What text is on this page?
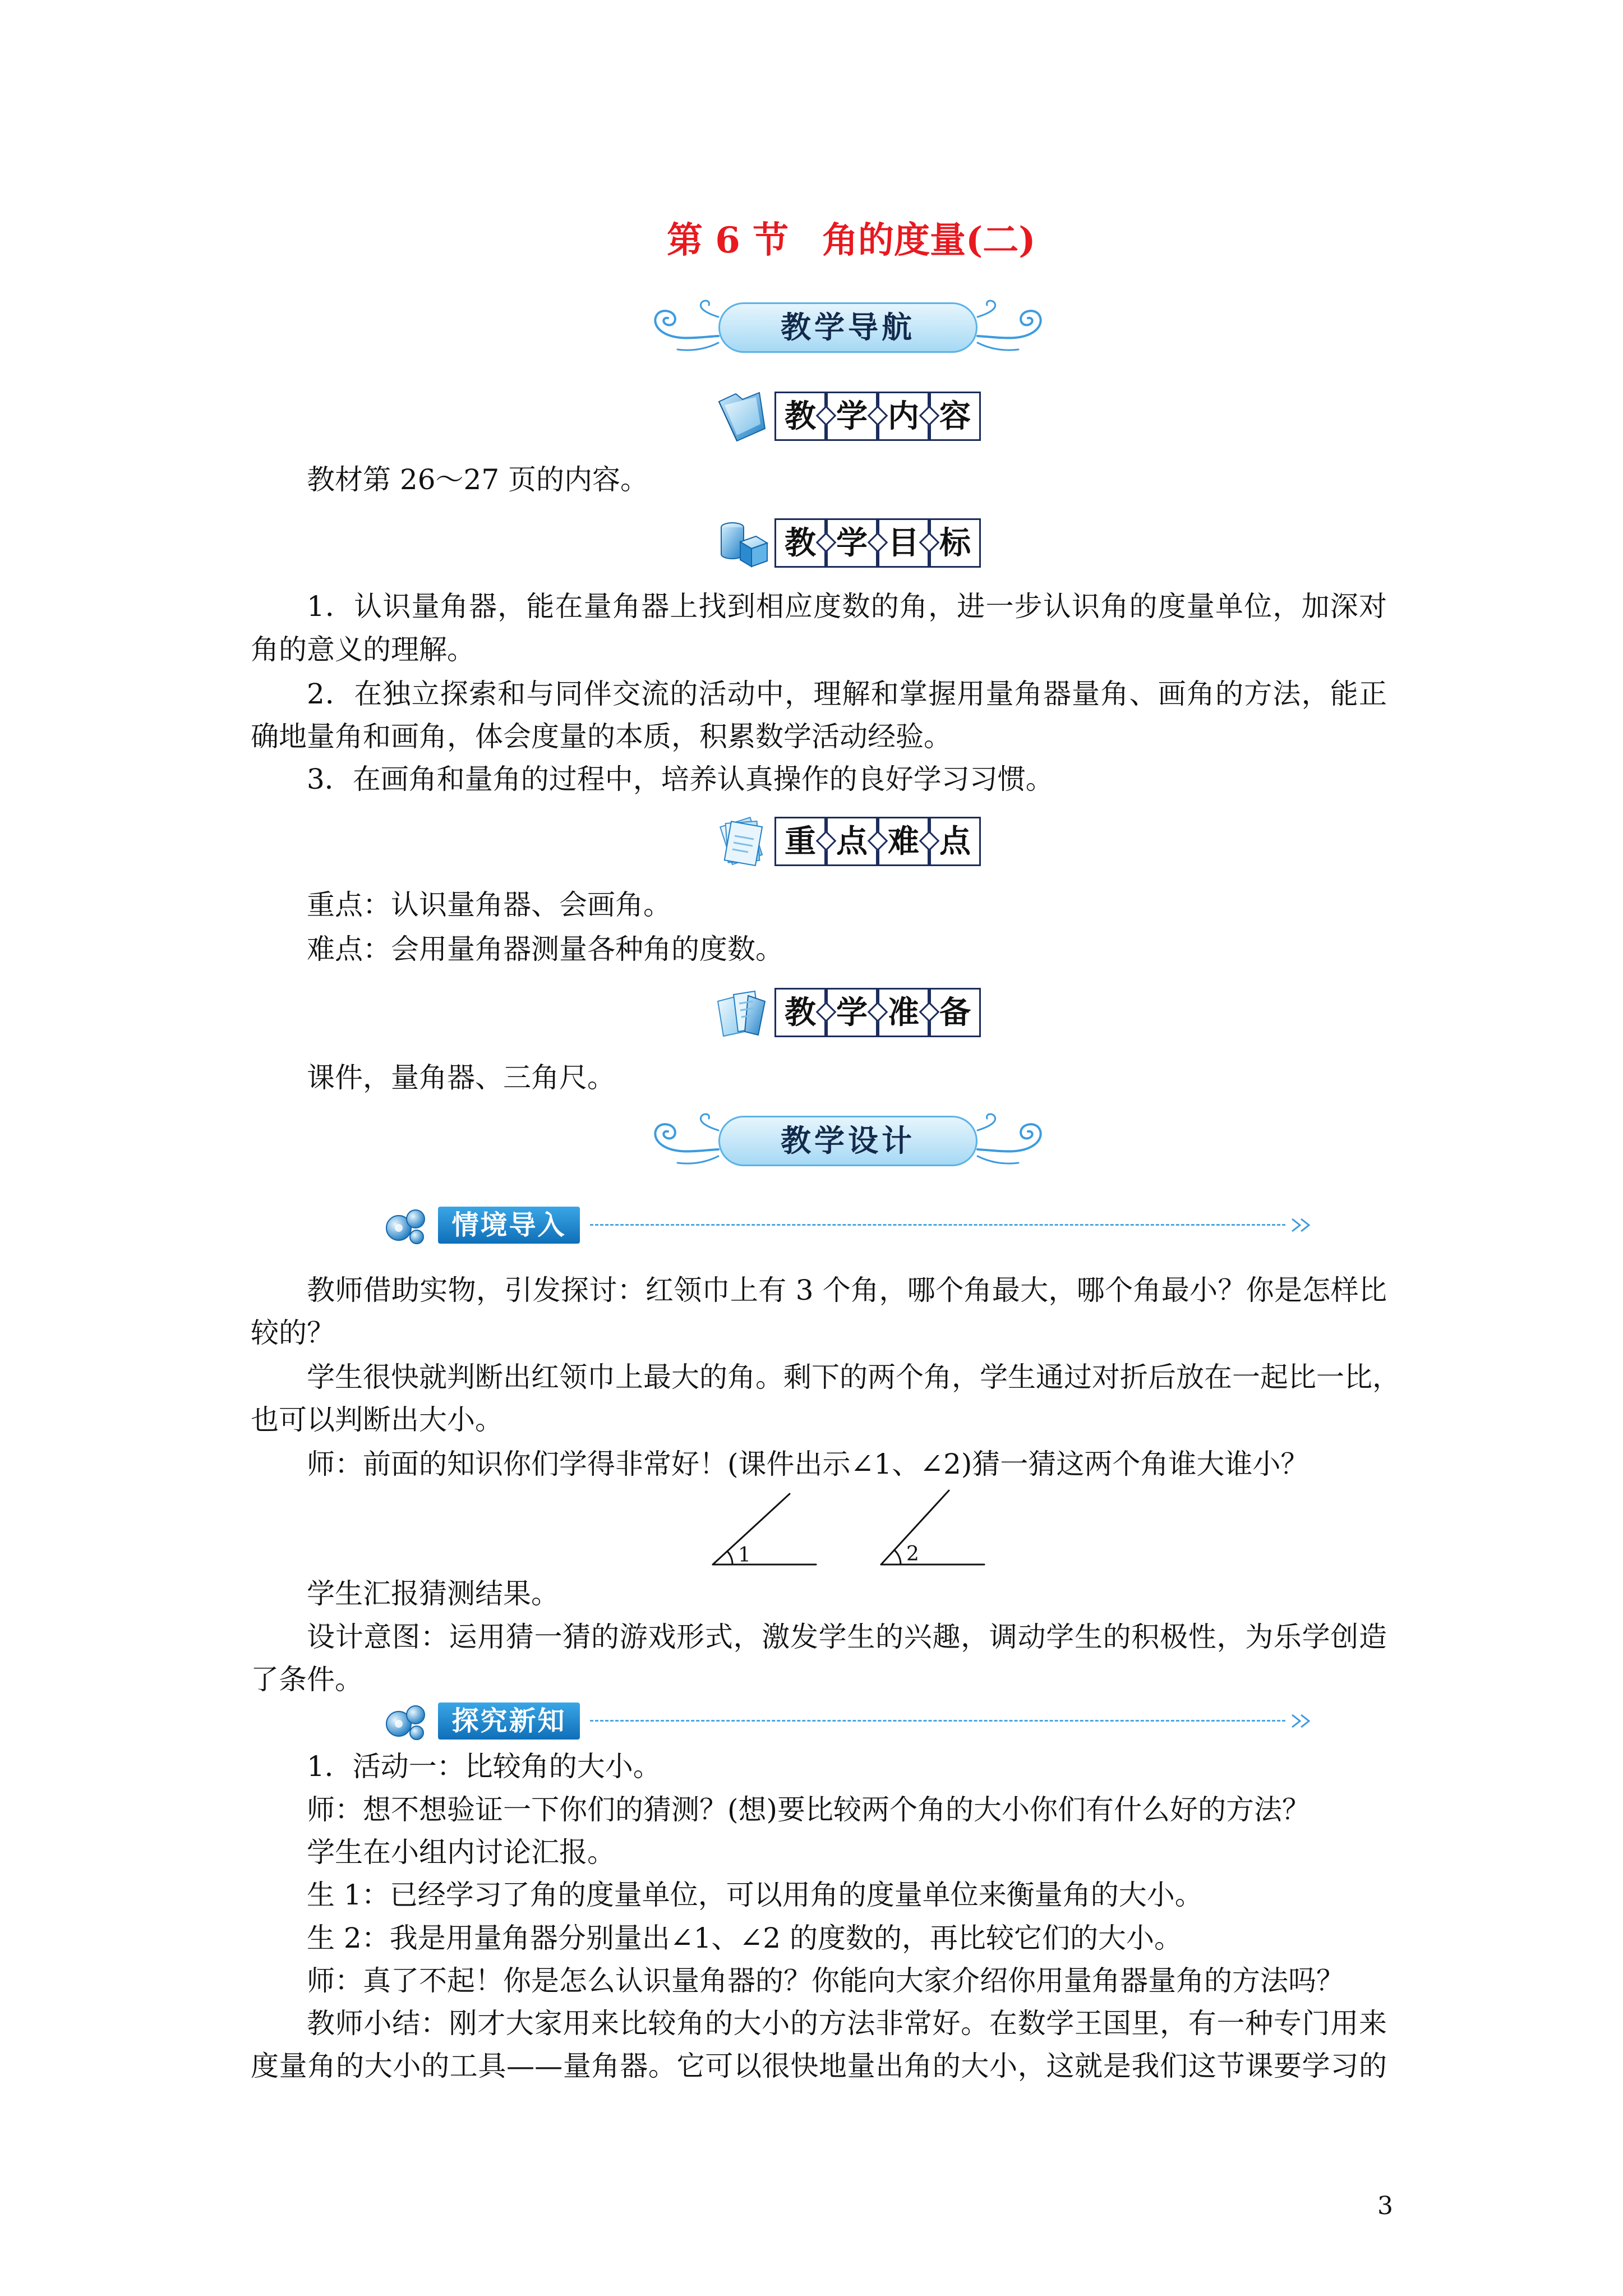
第 6 节 角的度量(二)
教学导航
教 学 内 容
教材第 26～27 页的内容。
教 学 目 标
1．认识量角器，能在量角器上找到相应度数的角，进一步认识角的度量单位，加深对
角的意义的理解。
2．在独立探索和与同伴交流的活动中，理解和掌握用量角器量角、画角的方法，能正
确地量角和画角，体会度量的本质，积累数学活动经验。
3．在画角和量角的过程中，培养认真操作的良好学习习惯。
重 点 难 点
重点：认识量角器、会画角。
难点：会用量角器测量各种角的度数。
教 学 准 备
课件，量角器、三角尺。
教学设计
情境导入
教师借助实物，引发探讨：红领巾上有 3 个角，哪个角最大，哪个角最小？你是怎样比
较的？
学生很快就判断出红领巾上最大的角。剩下的两个角，学生通过对折后放在一起比一比，
也可以判断出大小。
师：前面的知识你们学得非常好！(课件出示∠1、∠2)猜一猜这两个角谁大谁小？
1	2
学生汇报猜测结果。
设计意图：运用猜一猜的游戏形式，激发学生的兴趣，调动学生的积极性，为乐学创造
了条件。
探究新知
1．活动一：比较角的大小。
师：想不想验证一下你们的猜测？(想)要比较两个角的大小你们有什么好的方法？
学生在小组内讨论汇报。
生 1：已经学习了角的度量单位，可以用角的度量单位来衡量角的大小。
生 2：我是用量角器分别量出∠1、∠2 的度数的，再比较它们的大小。
师：真了不起！你是怎么认识量角器的？你能向大家介绍你用量角器量角的方法吗？
教师小结：刚才大家用来比较角的大小的方法非常好。在数学王国里，有一种专门用来
度量角的大小的工具——量角器。它可以很快地量出角的大小，这就是我们这节课要学习的
3
